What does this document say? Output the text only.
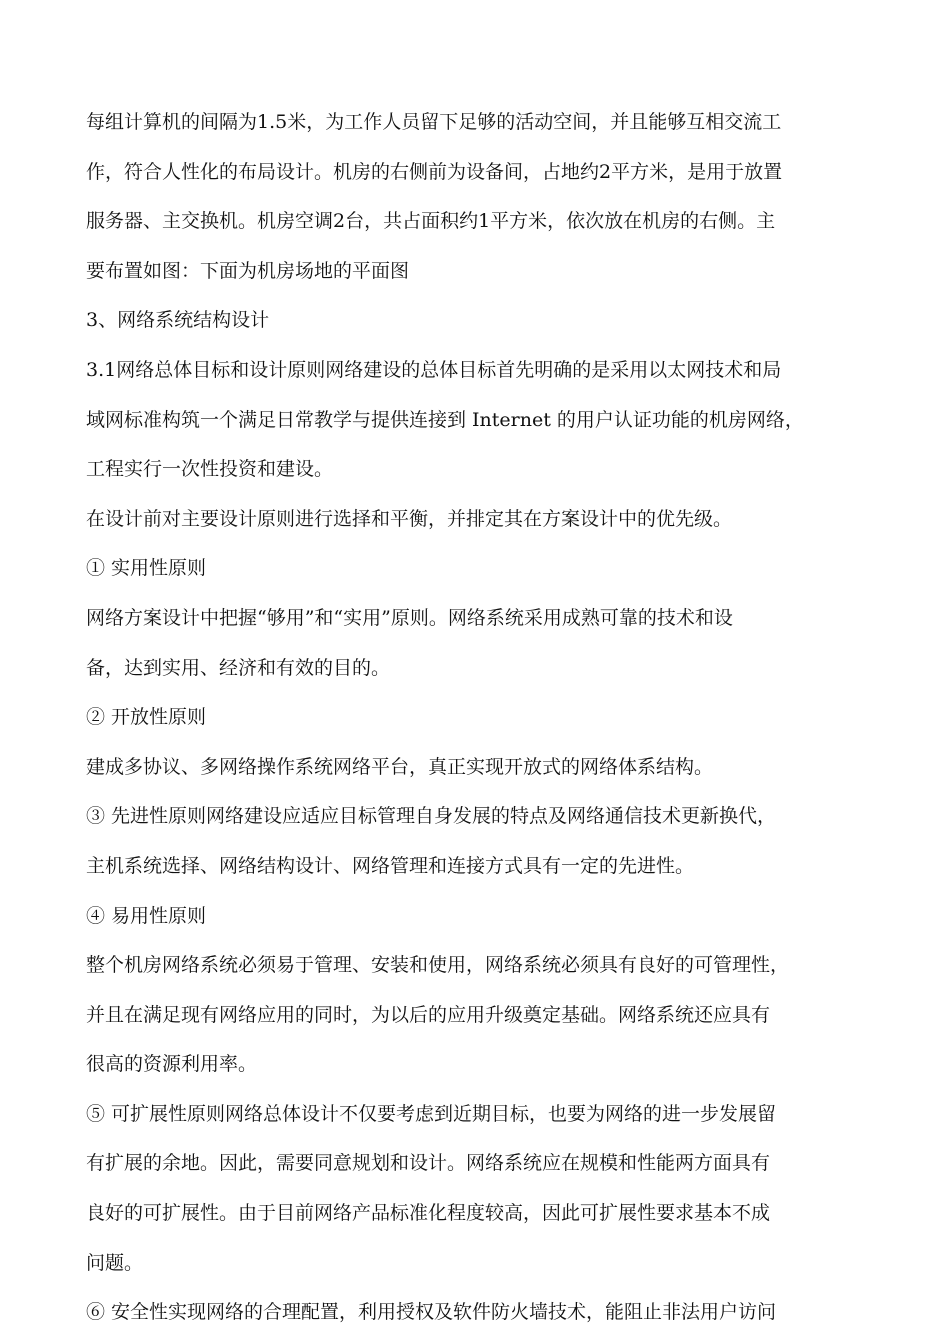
每组计算机的间隔为1.5米，为工作人员留下足够的活动空间，并且能够互相交流工
作，符合人性化的布局设计。机房的右侧前为设备间，占地约2平方米，是用于放置
服务器、主交换机。机房空调2台，共占面积约1平方米，依次放在机房的右侧。主
要布置如图：下面为机房场地的平面图
3、网络系统结构设计
3.1网络总体目标和设计原则网络建设的总体目标首先明确的是采用以太网技术和局
域网标准构筑一个满足日常教学与提供连接到 Internet 的用户认证功能的机房网络，
工程实行一次性投资和建设。
在设计前对主要设计原则进行选择和平衡，并排定其在方案设计中的优先级。
① 实用性原则
网络方案设计中把握“够用”和“实用”原则。网络系统采用成熟可靠的技术和设
备，达到实用、经济和有效的目的。
② 开放性原则
建成多协议、多网络操作系统网络平台，真正实现开放式的网络体系结构。
③ 先进性原则网络建设应适应目标管理自身发展的特点及网络通信技术更新换代，
主机系统选择、网络结构设计、网络管理和连接方式具有一定的先进性。
④ 易用性原则
整个机房网络系统必须易于管理、安装和使用，网络系统必须具有良好的可管理性，
并且在满足现有网络应用的同时，为以后的应用升级奠定基础。网络系统还应具有
很高的资源利用率。
⑤ 可扩展性原则网络总体设计不仅要考虑到近期目标，也要为网络的进一步发展留
有扩展的余地。因此，需要同意规划和设计。网络系统应在规模和性能两方面具有
良好的可扩展性。由于目前网络产品标准化程度较高，因此可扩展性要求基本不成
问题。
⑥ 安全性实现网络的合理配置，利用授权及软件防火墙技术，能阻止非法用户访问
